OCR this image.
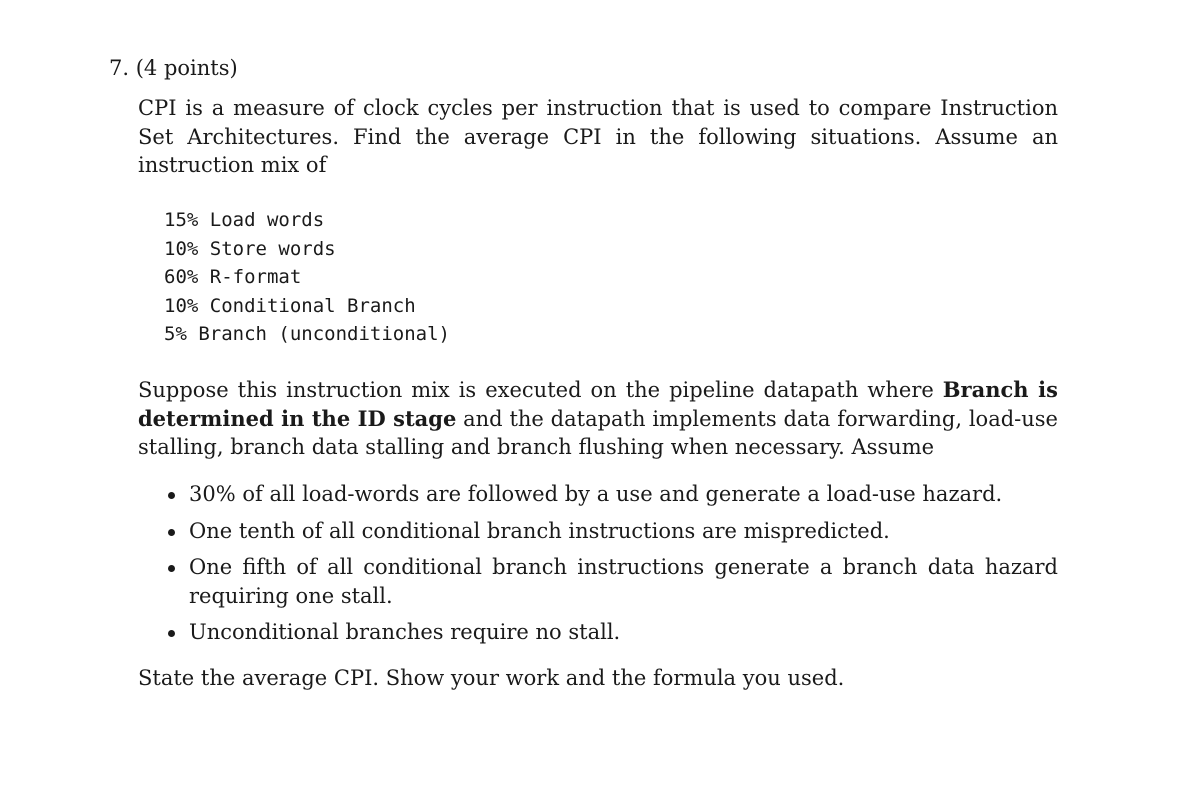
7. (4 points)
CPI is a measure of clock cycles per instruction that is used to compare Instruction Set Architectures. Find the average CPI in the following situations. Assume an instruction mix of
15% Load words
10% Store words
60% R-format
10% Conditional Branch
5% Branch (unconditional)
Suppose this instruction mix is executed on the pipeline datapath where Branch is determined in the ID stage and the datapath implements data forwarding, load-use stalling, branch data stalling and branch flushing when necessary. Assume
30% of all load-words are followed by a use and generate a load-use hazard.
One tenth of all conditional branch instructions are mispredicted.
One fifth of all conditional branch instructions generate a branch data hazard requiring one stall.
Unconditional branches require no stall.
State the average CPI. Show your work and the formula you used.
